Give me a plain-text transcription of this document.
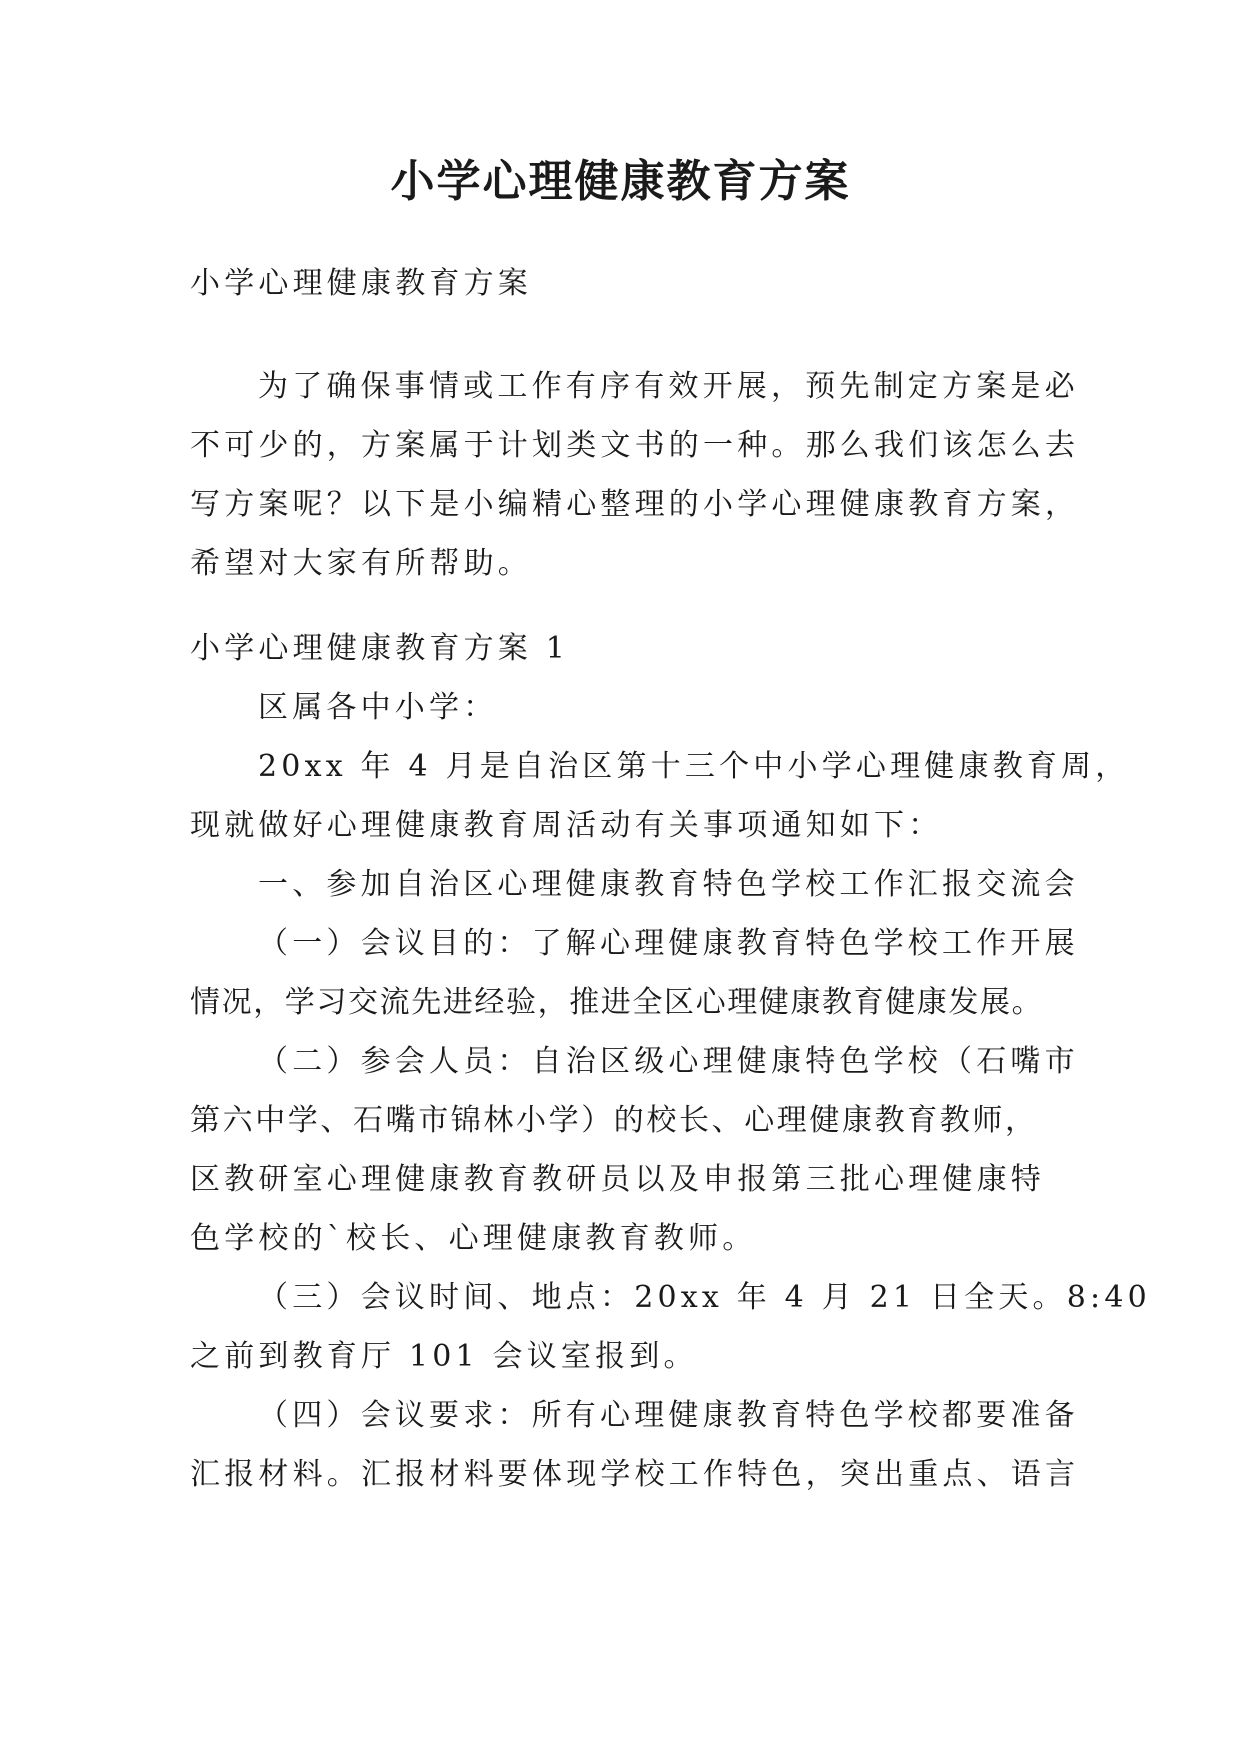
小学心理健康教育方案
小学心理健康教育方案
为了确保事情或工作有序有效开展，预先制定方案是必
不可少的，方案属于计划类文书的一种。那么我们该怎么去
写方案呢？以下是小编精心整理的小学心理健康教育方案，
希望对大家有所帮助。
小学心理健康教育方案 1
区属各中小学：
20xx 年 4 月是自治区第十三个中小学心理健康教育周，
现就做好心理健康教育周活动有关事项通知如下：
一、参加自治区心理健康教育特色学校工作汇报交流会
（一）会议目的：了解心理健康教育特色学校工作开展
情况，学习交流先进经验，推进全区心理健康教育健康发展。
（二）参会人员：自治区级心理健康特色学校（石嘴市
第六中学、石嘴市锦林小学）的校长、心理健康教育教师，
区教研室心理健康教育教研员以及申报第三批心理健康特
色学校的`校长、心理健康教育教师。
（三）会议时间、地点：20xx 年 4 月 21 日全天。8:40
之前到教育厅 101 会议室报到。
（四）会议要求：所有心理健康教育特色学校都要准备
汇报材料。汇报材料要体现学校工作特色，突出重点、语言
